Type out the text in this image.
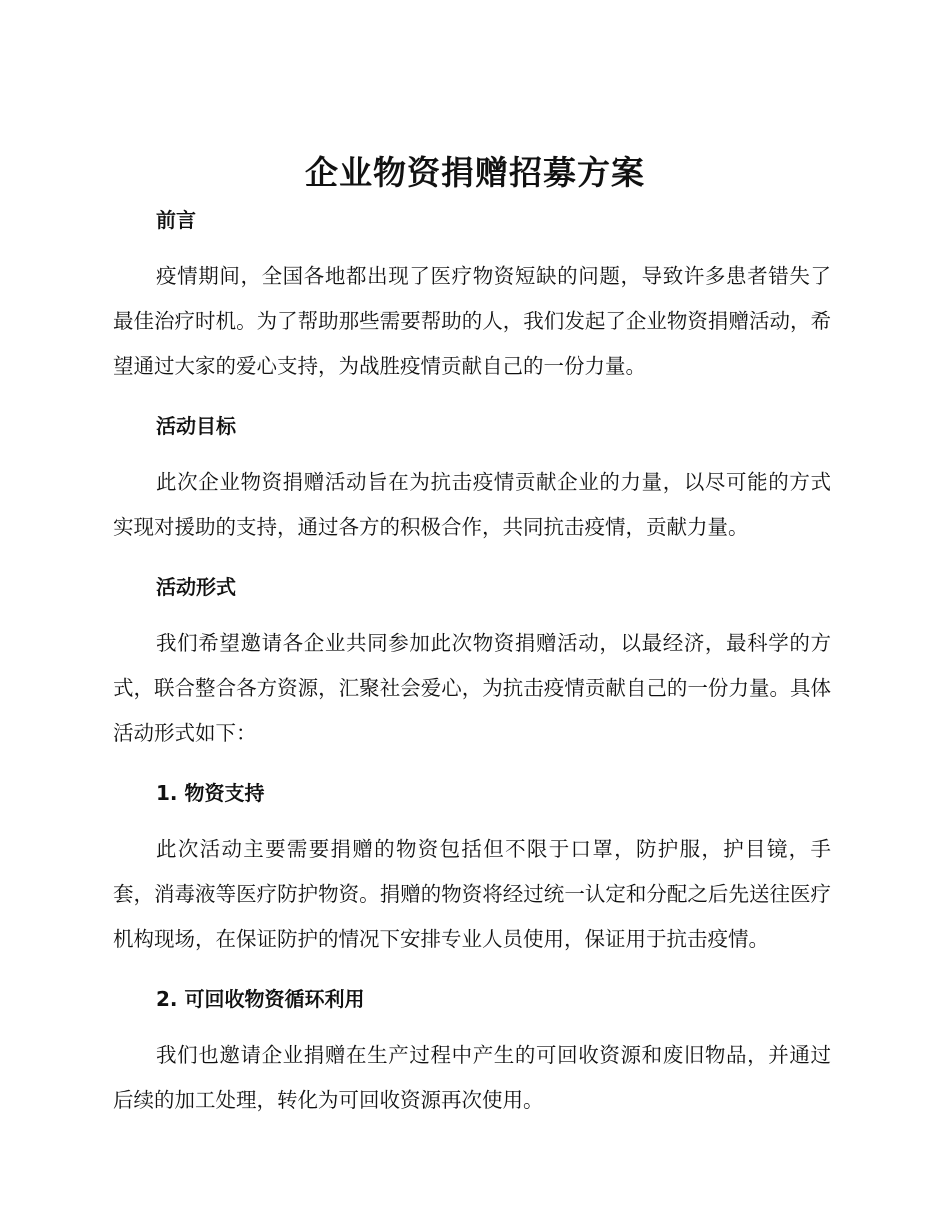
企业物资捐赠招募方案
前言

疫情期间，全国各地都出现了医疗物资短缺的问题，导致许多患者错失了最佳治疗时机。为了帮助那些需要帮助的人，我们发起了企业物资捐赠活动，希望通过大家的爱心支持，为战胜疫情贡献自己的一份力量。

活动目标

此次企业物资捐赠活动旨在为抗击疫情贡献企业的力量，以尽可能的方式实现对援助的支持，通过各方的积极合作，共同抗击疫情，贡献力量。

活动形式

我们希望邀请各企业共同参加此次物资捐赠活动，以最经济，最科学的方式，联合整合各方资源，汇聚社会爱心，为抗击疫情贡献自己的一份力量。具体活动形式如下：

1. 物资支持

此次活动主要需要捐赠的物资包括但不限于口罩，防护服，护目镜，手套，消毒液等医疗防护物资。捐赠的物资将经过统一认定和分配之后先送往医疗机构现场，在保证防护的情况下安排专业人员使用，保证用于抗击疫情。

2. 可回收物资循环利用

我们也邀请企业捐赠在生产过程中产生的可回收资源和废旧物品，并通过后续的加工处理，转化为可回收资源再次使用。
